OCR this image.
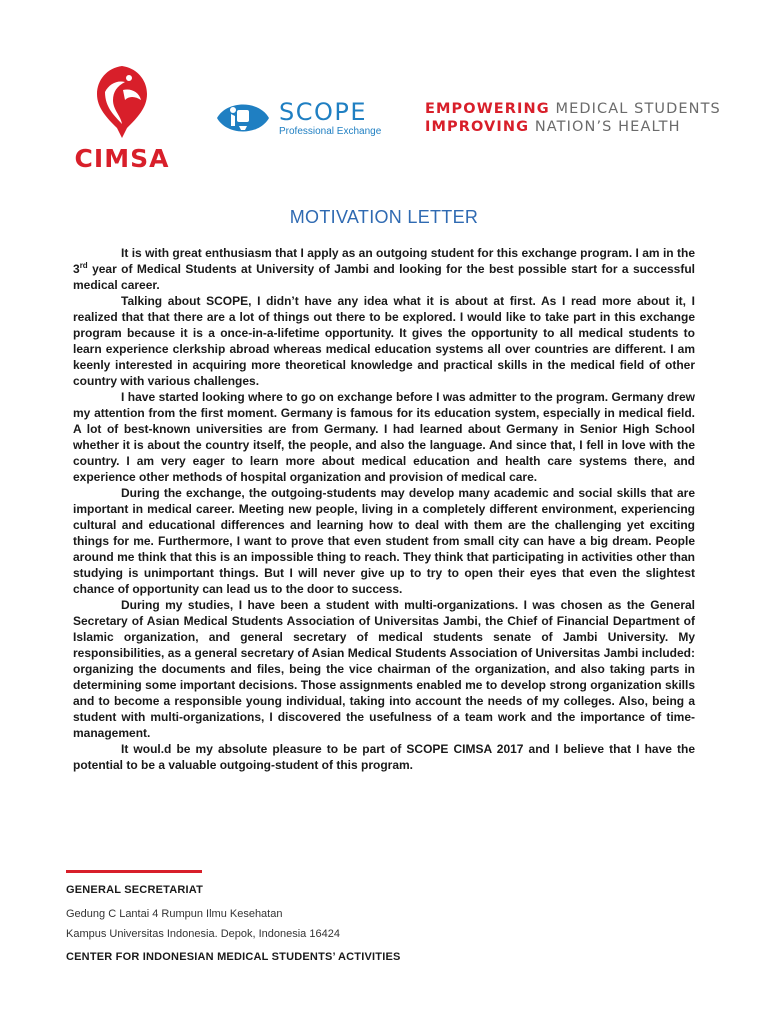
CIMSA
SCOPE
Professional Exchange
EMPOWERING MEDICAL STUDENTS
IMPROVING NATION’S HEALTH
MOTIVATION LETTER

It is with great enthusiasm that I apply as an outgoing student for this exchange program. I am in the 3rd year of Medical Students at University of Jambi and looking for the best possible start for a successful medical career.

Talking about SCOPE, I didn’t have any idea what it is about at first. As I read more about it, I realized that that there are a lot of things out there to be explored. I would like to take part in this exchange program because it is a once-in-a-lifetime opportunity. It gives the opportunity to all medical students to learn experience clerkship abroad whereas medical education systems all over countries are different. I am keenly interested in acquiring more theoretical knowledge and practical skills in the medical field of other country with various challenges.

I have started looking where to go on exchange before I was admitter to the program. Germany drew my attention from the first moment. Germany is famous for its education system, especially in medical field. A lot of best-known universities are from Germany. I had learned about Germany in Senior High School whether it is about the country itself, the people, and also the language. And since that, I fell in love with the country. I am very eager to learn more about medical education and health care systems there, and experience other methods of hospital organization and provision of medical care.

During the exchange, the outgoing-students may develop many academic and social skills that are important in medical career. Meeting new people, living in a completely different environment, experiencing cultural and educational differences and learning how to deal with them are the challenging yet exciting things for me. Furthermore, I want to prove that even student from small city can have a big dream. People around me think that this is an impossible thing to reach. They think that participating in activities other than studying is unimportant things. But I will never give up to try to open their eyes that even the slightest chance of opportunity can lead us to the door to success.

During my studies, I have been a student with multi-organizations. I was chosen as the General Secretary of Asian Medical Students Association of Universitas Jambi, the Chief of Financial Department of Islamic organization, and general secretary of medical students senate of Jambi University. My responsibilities, as a general secretary of Asian Medical Students Association of Universitas Jambi included: organizing the documents and files, being the vice chairman of the organization, and also taking parts in determining some important decisions. Those assignments enabled me to develop strong organization skills and to become a responsible young individual, taking into account the needs of my colleges. Also, being a student with multi-organizations, I discovered the usefulness of a team work and the importance of time-management.

It woul.d be my absolute pleasure to be part of SCOPE CIMSA 2017 and I believe that I have the potential to be a valuable outgoing-student of this program.

GENERAL SECRETARIAT
Gedung C Lantai 4 Rumpun Ilmu Kesehatan
Kampus Universitas Indonesia. Depok, Indonesia 16424
CENTER FOR INDONESIAN MEDICAL STUDENTS’ ACTIVITIES
